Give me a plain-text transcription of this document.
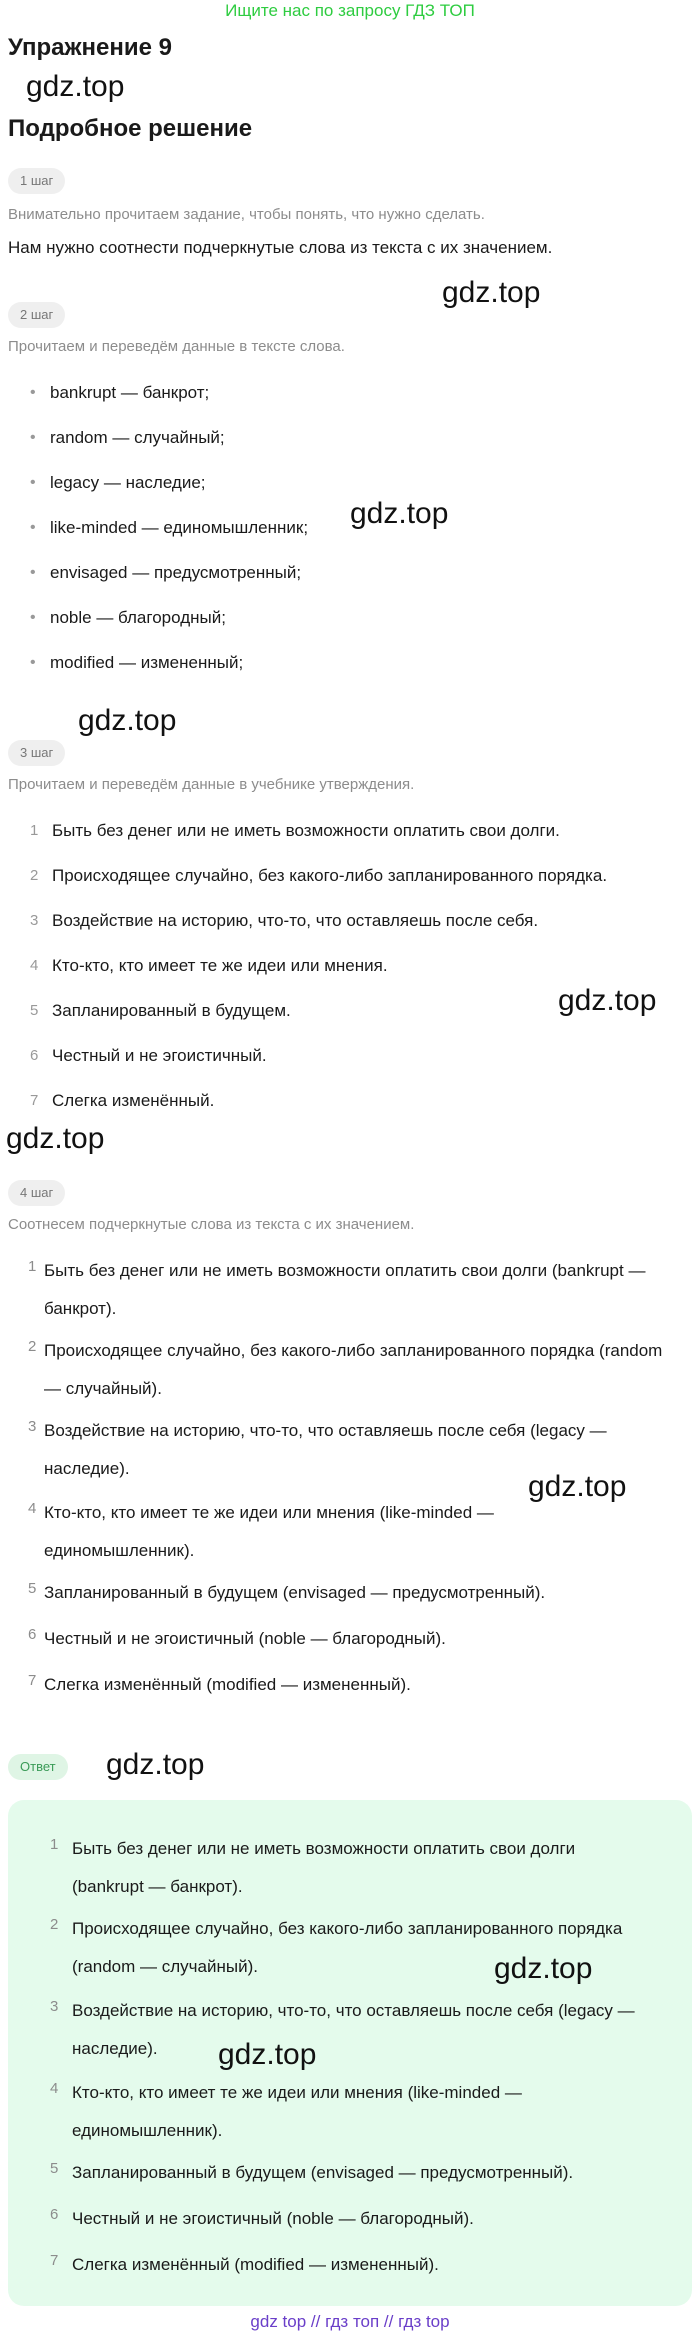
Ищите нас по запросу ГДЗ ТОП
Упражнение 9
gdz.top
Подробное решение
1 шаг
Внимательно прочитаем задание, чтобы понять, что нужно сделать.
Нам нужно соотнести подчеркнутые слова из текста с их значением.
gdz.top
2 шаг
Прочитаем и переведём данные в тексте слова.
• bankrupt — банкрот;
• random — случайный;
• legacy — наследие;
• like-minded — единомышленник;
• envisaged — предусмотренный;
• noble — благородный;
• modified — измененный;
gdz.top
gdz.top
3 шаг
Прочитаем и переведём данные в учебнике утверждения.
1 Быть без денег или не иметь возможности оплатить свои долги.
2 Происходящее случайно, без какого-либо запланированного порядка.
3 Воздействие на историю, что-то, что оставляешь после себя.
4 Кто-кто, кто имеет те же идеи или мнения.
5 Запланированный в будущем.
6 Честный и не эгоистичный.
7 Слегка изменённый.
gdz.top
gdz.top
4 шаг
Соотнесем подчеркнутые слова из текста с их значением.
1 Быть без денег или не иметь возможности оплатить свои долги (bankrupt — банкрот).
2 Происходящее случайно, без какого-либо запланированного порядка (random — случайный).
3 Воздействие на историю, что-то, что оставляешь после себя (legacy — наследие).
4 Кто-кто, кто имеет те же идеи или мнения (like-minded — единомышленник).
5 Запланированный в будущем (envisaged — предусмотренный).
6 Честный и не эгоистичный (noble — благородный).
7 Слегка изменённый (modified — измененный).
gdz.top
Ответ	gdz.top
1 Быть без денег или не иметь возможности оплатить свои долги (bankrupt — банкрот).
2 Происходящее случайно, без какого-либо запланированного порядка (random — случайный).
3 Воздействие на историю, что-то, что оставляешь после себя (legacy — наследие).
4 Кто-кто, кто имеет те же идеи или мнения (like-minded — единомышленник).
5 Запланированный в будущем (envisaged — предусмотренный).
6 Честный и не эгоистичный (noble — благородный).
7 Слегка изменённый (modified — измененный).
gdz.top
gdz.top
gdz top // гдз топ // гдз top
